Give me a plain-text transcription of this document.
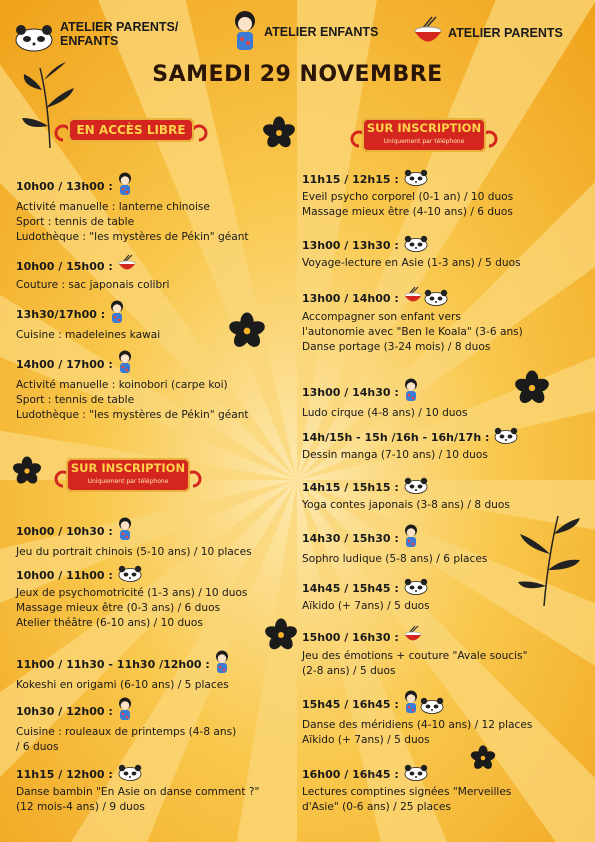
ATELIER PARENTS/
ENFANTS
ATELIER ENFANTS	ATELIER PARENTS
SAMEDI 29 NOVEMBRE
EN ACCÈS LIBRE	SUR INSCRIPTION
Uniquement par téléphone
SUR INSCRIPTION
Uniquement par téléphone
10h00 / 13h00 :
Activité manuelle : lanterne chinoise
Sport : tennis de table
Ludothèque : "les mystères de Pékin" géant
10h00 / 15h00 :
Couture : sac japonais colibri
13h30/17h00 :
Cuisine : madeleines kawai
14h00 / 17h00 :
Activité manuelle : koinobori (carpe koi)
Sport : tennis de table
Ludothèque : "les mystères de Pékin" géant
10h00 / 10h30 :
Jeu du portrait chinois (5-10 ans) / 10 places
10h00 / 11h00 :
Jeux de psychomotricité (1-3 ans) / 10 duos
Massage mieux être (0-3 ans) / 6 duos
Atelier théâtre (6-10 ans) / 10 duos
11h00 / 11h30 - 11h30 /12h00 :
Kokeshi en origami (6-10 ans) / 5 places
10h30 / 12h00 :
Cuisine : rouleaux de printemps (4-8 ans)
/ 6 duos
11h15 / 12h00 :
Danse bambin "En Asie on danse comment ?"
(12 mois-4 ans) / 9 duos
11h15 / 12h15 :
Eveil psycho corporel (0-1 an) / 10 duos
Massage mieux être (4-10 ans) / 6 duos
13h00 / 13h30 :
Voyage-lecture en Asie (1-3 ans) / 5 duos
13h00 / 14h00 :
Accompagner son enfant vers
l'autonomie avec "Ben le Koala" (3-6 ans)
Danse portage (3-24 mois) / 8 duos
13h00 / 14h30 :
Ludo cirque (4-8 ans) / 10 duos
14h/15h - 15h /16h - 16h/17h :
Dessin manga (7-10 ans) / 10 duos
14h15 / 15h15 :
Yoga contes japonais (3-8 ans) / 8 duos
14h30 / 15h30 :
Sophro ludique (5-8 ans) / 6 places
14h45 / 15h45 :
Aïkido (+ 7ans) / 5 duos
15h00 / 16h30 :
Jeu des émotions + couture "Avale soucis"
(2-8 ans) / 5 duos
15h45 / 16h45 :
Danse des méridiens (4-10 ans) / 12 places
Aïkido (+ 7ans) / 5 duos
16h00 / 16h45 :
Lectures comptines signées "Merveilles
d'Asie" (0-6 ans) / 25 places
